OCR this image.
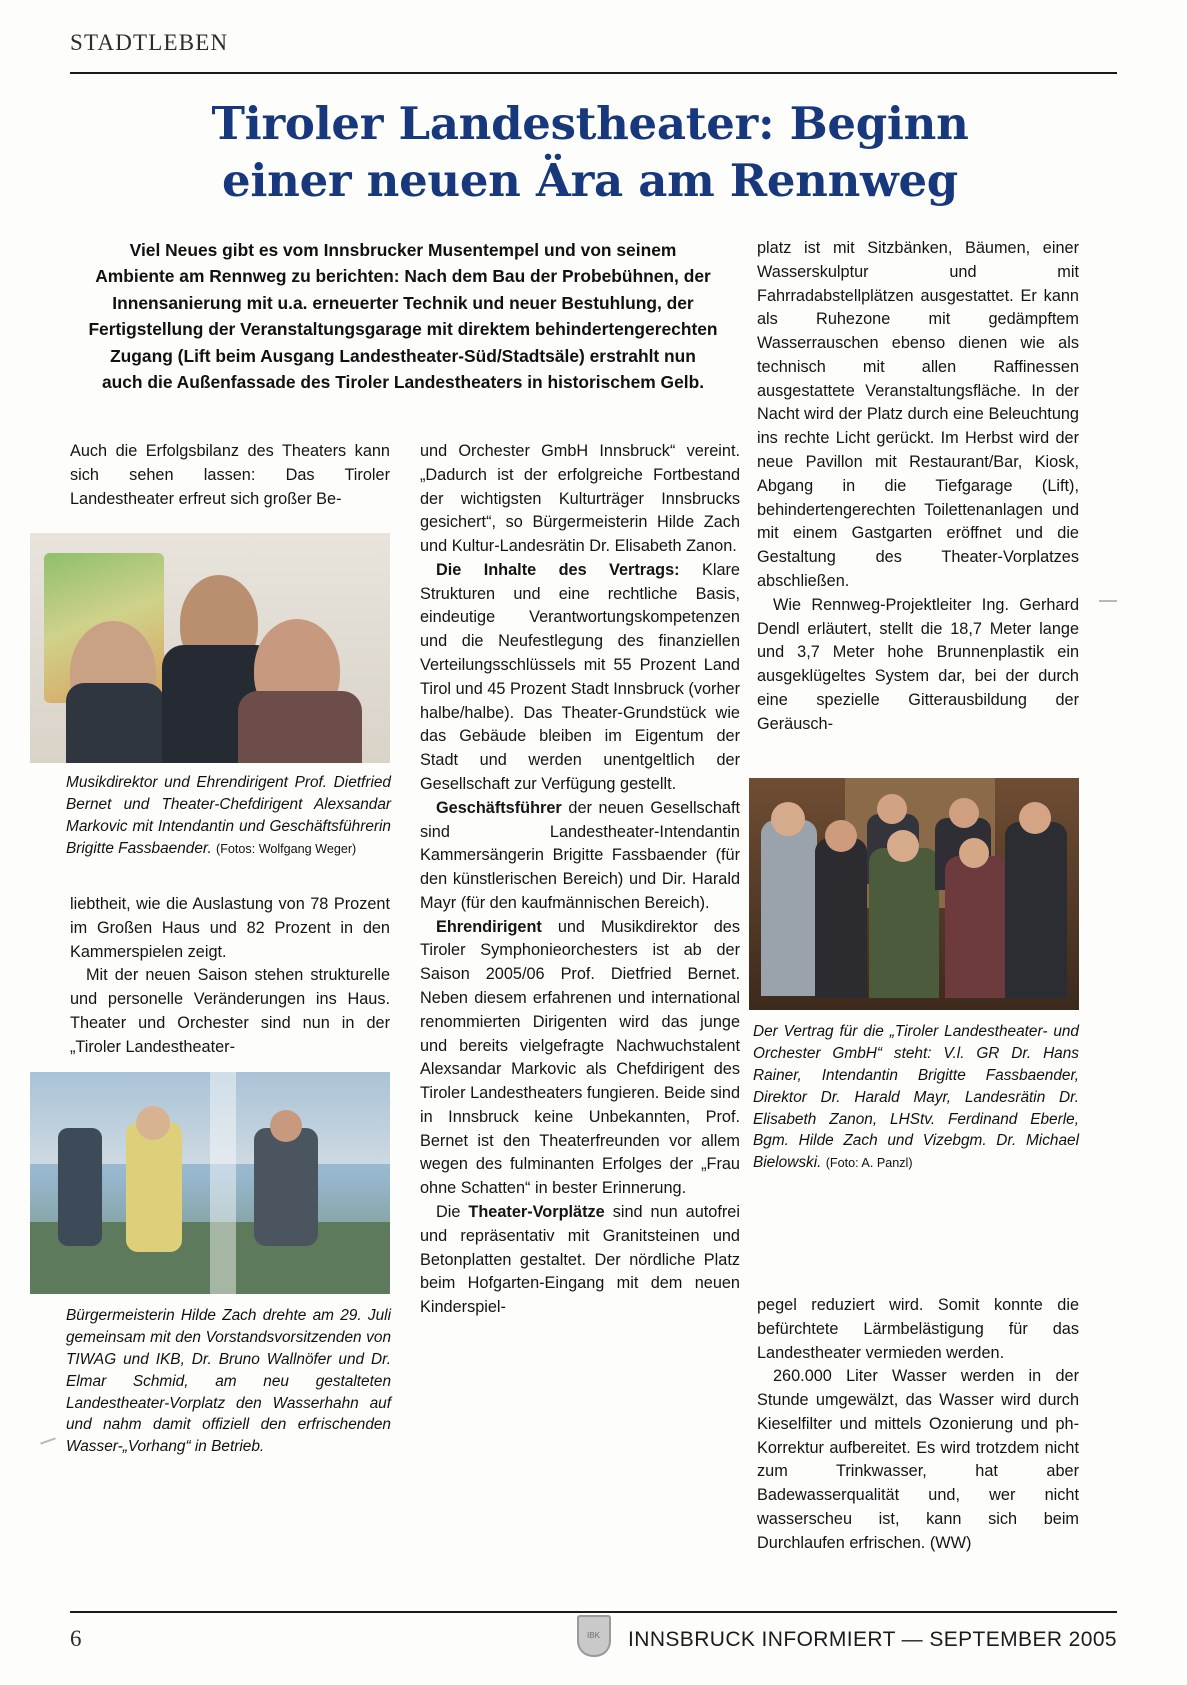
STADTLEBEN
Tiroler Landestheater: Beginn
einer neuen Ära am Rennweg
Viel Neues gibt es vom Innsbrucker Musentempel und von seinem Ambiente am Rennweg zu berichten: Nach dem Bau der Probebühnen, der Innensanierung mit u.a. erneuerter Technik und neuer Bestuhlung, der Fertigstellung der Veranstaltungsgarage mit direktem behindertengerechten Zugang (Lift beim Ausgang Landestheater-Süd/Stadtsäle) erstrahlt nun auch die Außenfassade des Tiroler Landestheaters in historischem Gelb.

Auch die Erfolgsbilanz des Theaters kann sich sehen lassen: Das Tiroler Landestheater erfreut sich großer Be-

Musikdirektor und Ehrendirigent Prof. Dietfried Bernet und Theater-Chefdirigent Alexsandar Markovic mit Intendantin und Geschäftsführerin Brigitte Fassbaender. (Fotos: Wolfgang Weger)

liebtheit, wie die Auslastung von 78 Prozent im Großen Haus und 82 Prozent in den Kammerspielen zeigt.

Mit der neuen Saison stehen strukturelle und personelle Veränderungen ins Haus. Theater und Orchester sind nun in der „Tiroler Landestheater-

Bürgermeisterin Hilde Zach drehte am 29. Juli gemeinsam mit den Vorstandsvorsitzenden von TIWAG und IKB, Dr. Bruno Wallnöfer und Dr. Elmar Schmid, am neu gestalteten Landestheater-Vorplatz den Wasserhahn auf und nahm damit offiziell den erfrischenden Wasser-„Vorhang“ in Betrieb.

und Orchester GmbH Innsbruck“ vereint. „Dadurch ist der erfolgreiche Fortbestand der wichtigsten Kulturträger Innsbrucks gesichert“, so Bürgermeisterin Hilde Zach und Kultur-Landesrätin Dr. Elisabeth Zanon.

Die Inhalte des Vertrags: Klare Strukturen und eine rechtliche Basis, eindeutige Verantwortungskompetenzen und die Neufestlegung des finanziellen Verteilungsschlüssels mit 55 Prozent Land Tirol und 45 Prozent Stadt Innsbruck (vorher halbe/halbe). Das Theater-Grundstück wie das Gebäude bleiben im Eigentum der Stadt und werden unentgeltlich der Gesellschaft zur Verfügung gestellt.

Geschäftsführer der neuen Gesellschaft sind Landestheater-Intendantin Kammersängerin Brigitte Fassbaender (für den künstlerischen Bereich) und Dir. Harald Mayr (für den kaufmännischen Bereich).

Ehrendirigent und Musikdirektor des Tiroler Symphonieorchesters ist ab der Saison 2005/06 Prof. Dietfried Bernet. Neben diesem erfahrenen und international renommierten Dirigenten wird das junge und bereits vielgefragte Nachwuchstalent Alexsandar Markovic als Chefdirigent des Tiroler Landestheaters fungieren. Beide sind in Innsbruck keine Unbekannten, Prof. Bernet ist den Theaterfreunden vor allem wegen des fulminanten Erfolges der „Frau ohne Schatten“ in bester Erinnerung.

Die Theater-Vorplätze sind nun autofrei und repräsentativ mit Granitsteinen und Betonplatten gestaltet. Der nördliche Platz beim Hofgarten-Eingang mit dem neuen Kinderspiel-

platz ist mit Sitzbänken, Bäumen, einer Wasserskulptur und mit Fahrradabstellplätzen ausgestattet. Er kann als Ruhezone mit gedämpftem Wasserrauschen ebenso dienen wie als technisch mit allen Raffinessen ausgestattete Veranstaltungsfläche. In der Nacht wird der Platz durch eine Beleuchtung ins rechte Licht gerückt. Im Herbst wird der neue Pavillon mit Restaurant/Bar, Kiosk, Abgang in die Tiefgarage (Lift), behindertengerechten Toilettenanlagen und mit einem Gastgarten eröffnet und die Gestaltung des Theater-Vorplatzes abschließen.

Wie Rennweg-Projektleiter Ing. Gerhard Dendl erläutert, stellt die 18,7 Meter lange und 3,7 Meter hohe Brunnenplastik ein ausgeklügeltes System dar, bei der durch eine spezielle Gitterausbildung der Geräusch-

Der Vertrag für die „Tiroler Landestheater- und Orchester GmbH“ steht: V.l. GR Dr. Hans Rainer, Intendantin Brigitte Fassbaender, Direktor Dr. Harald Mayr, Landesrätin Dr. Elisabeth Zanon, LHStv. Ferdinand Eberle, Bgm. Hilde Zach und Vizebgm. Dr. Michael Bielowski. (Foto: A. Panzl)

pegel reduziert wird. Somit konnte die befürchtete Lärmbelästigung für das Landestheater vermieden werden.

260.000 Liter Wasser werden in der Stunde umgewälzt, das Wasser wird durch Kieselfilter und mittels Ozonierung und ph-Korrektur aufbereitet. Es wird trotzdem nicht zum Trinkwasser, hat aber Badewasserqualität und, wer nicht wasserscheu ist, kann sich beim Durchlaufen erfrischen. (WW)

6	IBK INNSBRUCK INFORMIERT — SEPTEMBER 2005
